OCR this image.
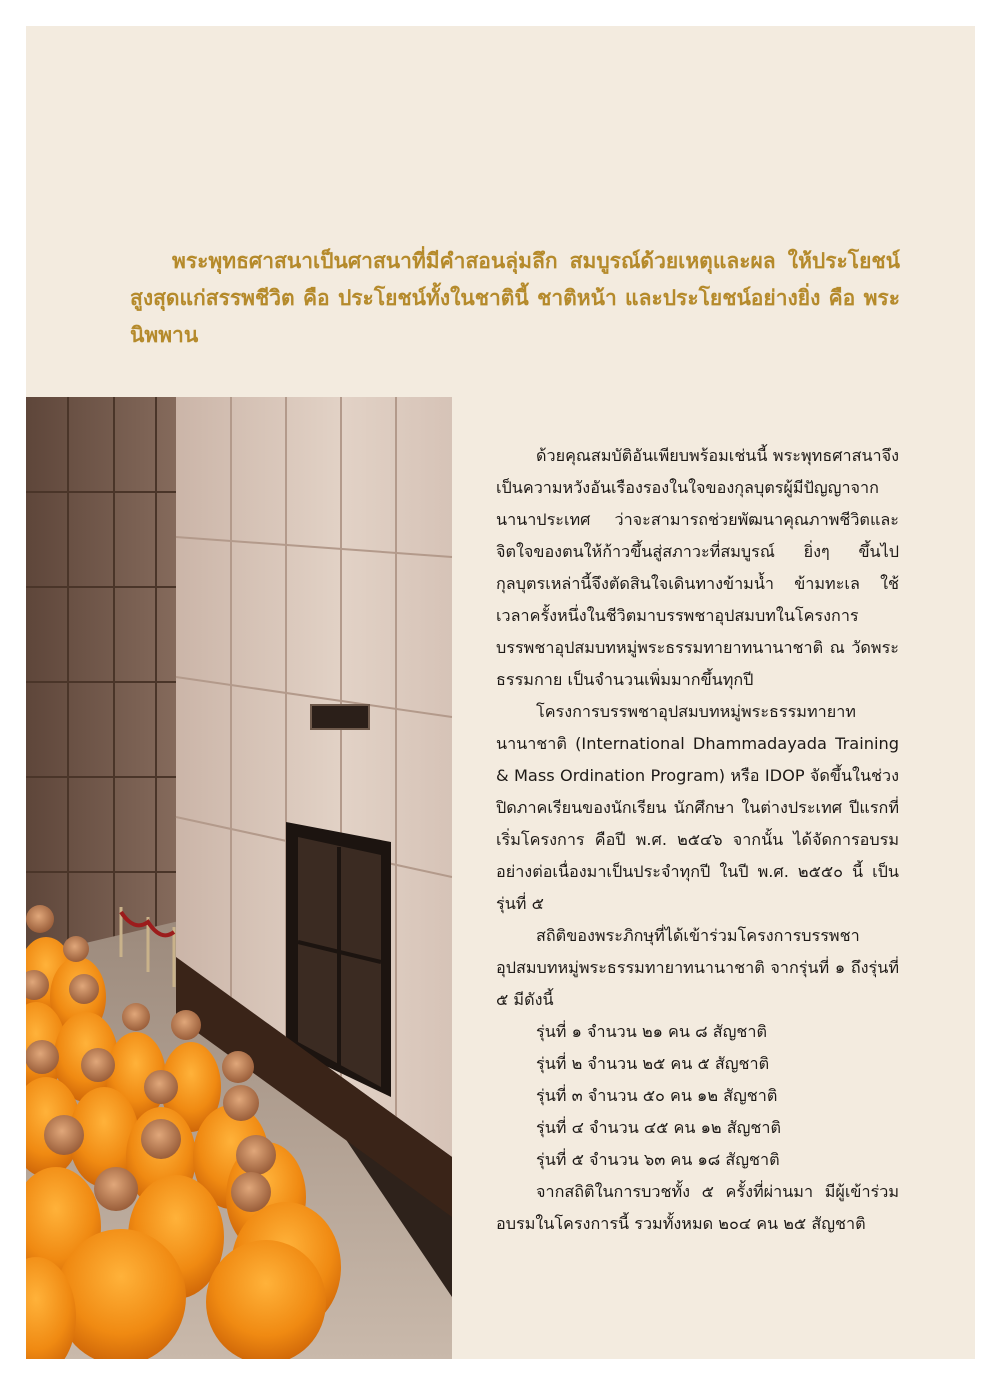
พระพุทธศาสนาเป็นศาสนาที่มีคำสอนลุ่มลึก สมบูรณ์ด้วยเหตุและผล ให้ประโยชน์สูงสุดแก่สรรพชีวิต คือ ประโยชน์ทั้งในชาตินี้ ชาติหน้า และประโยชน์อย่างยิ่ง คือ พระนิพพาน

ด้วยคุณสมบัติอันเพียบพร้อมเช่นนี้ พระพุทธศาสนาจึงเป็นความหวังอันเรืองรองในใจของกุลบุตรผู้มีปัญญาจากนานาประเทศ ว่าจะสามารถช่วยพัฒนาคุณภาพชีวิตและจิตใจของตนให้ก้าวขึ้นสู่สภาวะที่สมบูรณ์ ยิ่งๆ ขึ้นไป กุลบุตรเหล่านี้จึงตัดสินใจเดินทางข้ามน้ำ ข้ามทะเล ใช้เวลาครั้งหนึ่งในชีวิตมาบรรพชาอุปสมบทในโครงการบรรพชาอุปสมบทหมู่พระธรรมทายาทนานาชาติ ณ วัดพระธรรมกาย เป็นจำนวนเพิ่มมากขึ้นทุกปี

โครงการบรรพชาอุปสมบทหมู่พระธรรมทายาทนานาชาติ (International Dhammadayada Training & Mass Ordination Program) หรือ IDOP จัดขึ้นในช่วงปิดภาคเรียนของนักเรียน นักศึกษา ในต่างประเทศ ปีแรกที่เริ่มโครงการ คือปี พ.ศ. ๒๕๔๖ จากนั้น ได้จัดการอบรมอย่างต่อเนื่องมาเป็นประจำทุกปี ในปี พ.ศ. ๒๕๕๐ นี้ เป็นรุ่นที่ ๕

สถิติของพระภิกษุที่ได้เข้าร่วมโครงการบรรพชาอุปสมบทหมู่พระธรรมทายาทนานาชาติ จากรุ่นที่ ๑ ถึงรุ่นที่ ๕ มีดังนี้

รุ่นที่ ๑ จำนวน ๒๑ คน ๘ สัญชาติ

รุ่นที่ ๒ จำนวน ๒๕ คน ๕ สัญชาติ

รุ่นที่ ๓ จำนวน ๕๐ คน ๑๒ สัญชาติ

รุ่นที่ ๔ จำนวน ๔๕ คน ๑๒ สัญชาติ

รุ่นที่ ๕ จำนวน ๖๓ คน ๑๘ สัญชาติ

จากสถิติในการบวชทั้ง ๕ ครั้งที่ผ่านมา มีผู้เข้าร่วมอบรมในโครงการนี้ รวมทั้งหมด ๒๐๔ คน ๒๕ สัญชาติ
